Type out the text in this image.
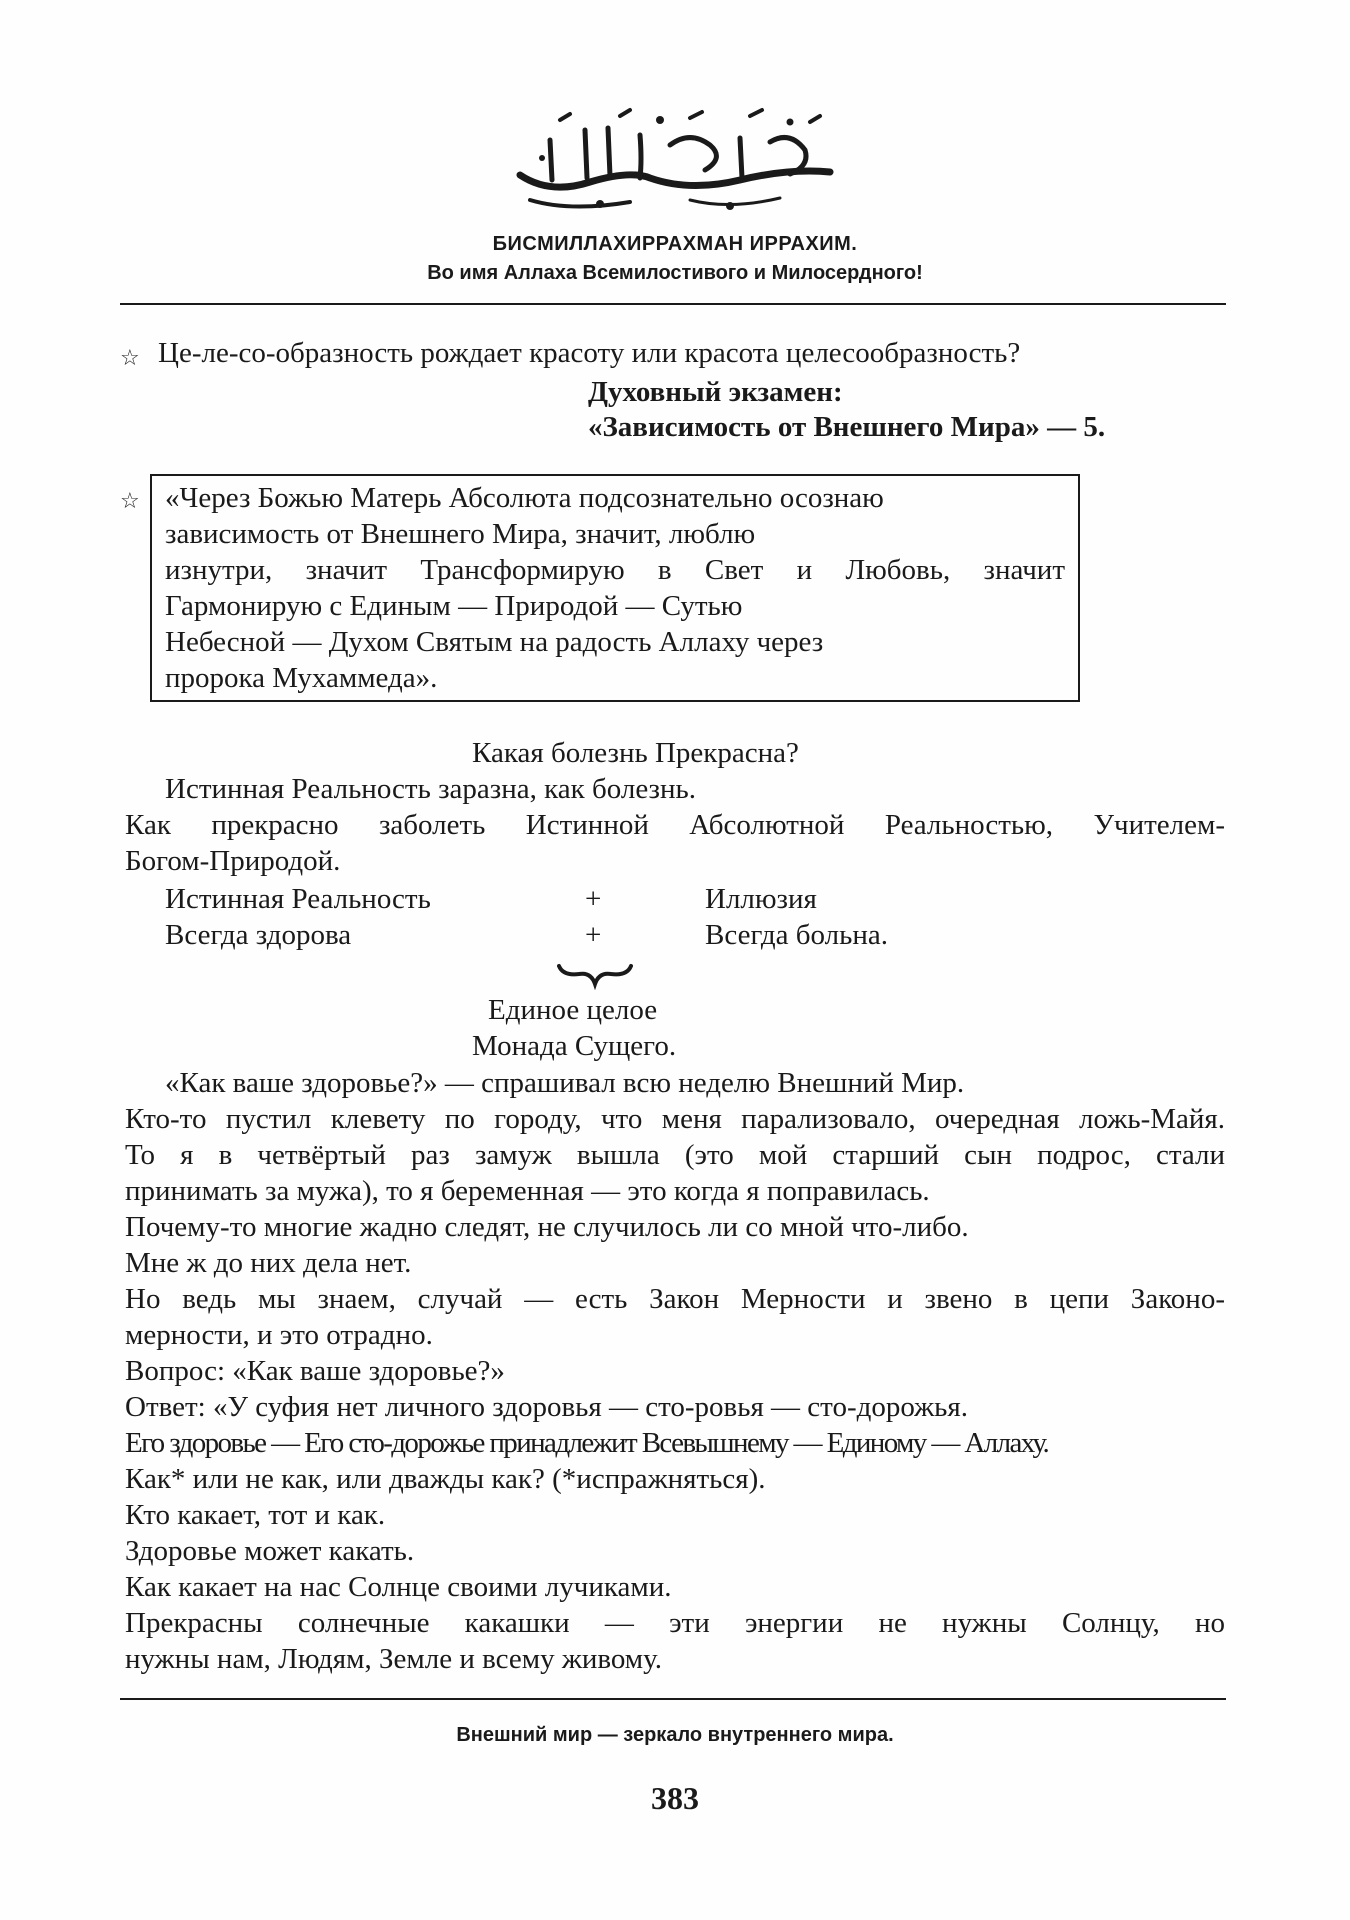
БИСМИЛЛАХИРРАХМАН ИРРАХИМ.
Во имя Аллаха Всемилостивого и Милосердного!
☆ Це-ле-со-образность рождает красоту или красота целесообразность?
Духовный экзамен:
«Зависимость от Внешнего Мира» — 5.
☆ «Через Божью Матерь Абсолюта подсознательно осознаю
зависимость от Внешнего Мира, значит, люблю
изнутри, значит Трансформирую в Свет и Любовь, значит
Гармонирую с Единым — Природой — Сутью
Небесной — Духом Святым на радость Аллаху через
пророка Мухаммеда».
Какая болезнь Прекрасна?
Истинная Реальность заразна, как болезнь.
Как прекрасно заболеть Истинной Абсолютной Реальностью, Учителем-
Богом-Природой.
Истинная Реальность	+	Иллюзия
Всегда здорова	+	Всегда больна.
Единое целое
Монада Сущего.
«Как ваше здоровье?» — спрашивал всю неделю Внешний Мир.
Кто-то пустил клевету по городу, что меня парализовало, очередная ложь-Майя.
То я в четвёртый раз замуж вышла (это мой старший сын подрос, стали
принимать за мужа), то я беременная — это когда я поправилась.
Почему-то многие жадно следят, не случилось ли со мной что-либо.
Мне ж до них дела нет.
Но ведь мы знаем, случай — есть Закон Мерности и звено в цепи Законо-
мерности, и это отрадно.
Вопрос: «Как ваше здоровье?»
Ответ: «У суфия нет личного здоровья — сто-ровья — сто-дорожья.
Его здоровье — Его сто-дорожье принадлежит Всевышнему — Единому — Аллаху.
Как* или не как, или дважды как? (*испражняться).
Кто какает, тот и как.
Здоровье может какать.
Как какает на нас Солнце своими лучиками.
Прекрасны солнечные какашки — эти энергии не нужны Солнцу, но
нужны нам, Людям, Земле и всему живому.
Внешний мир — зеркало внутреннего мира.
383
